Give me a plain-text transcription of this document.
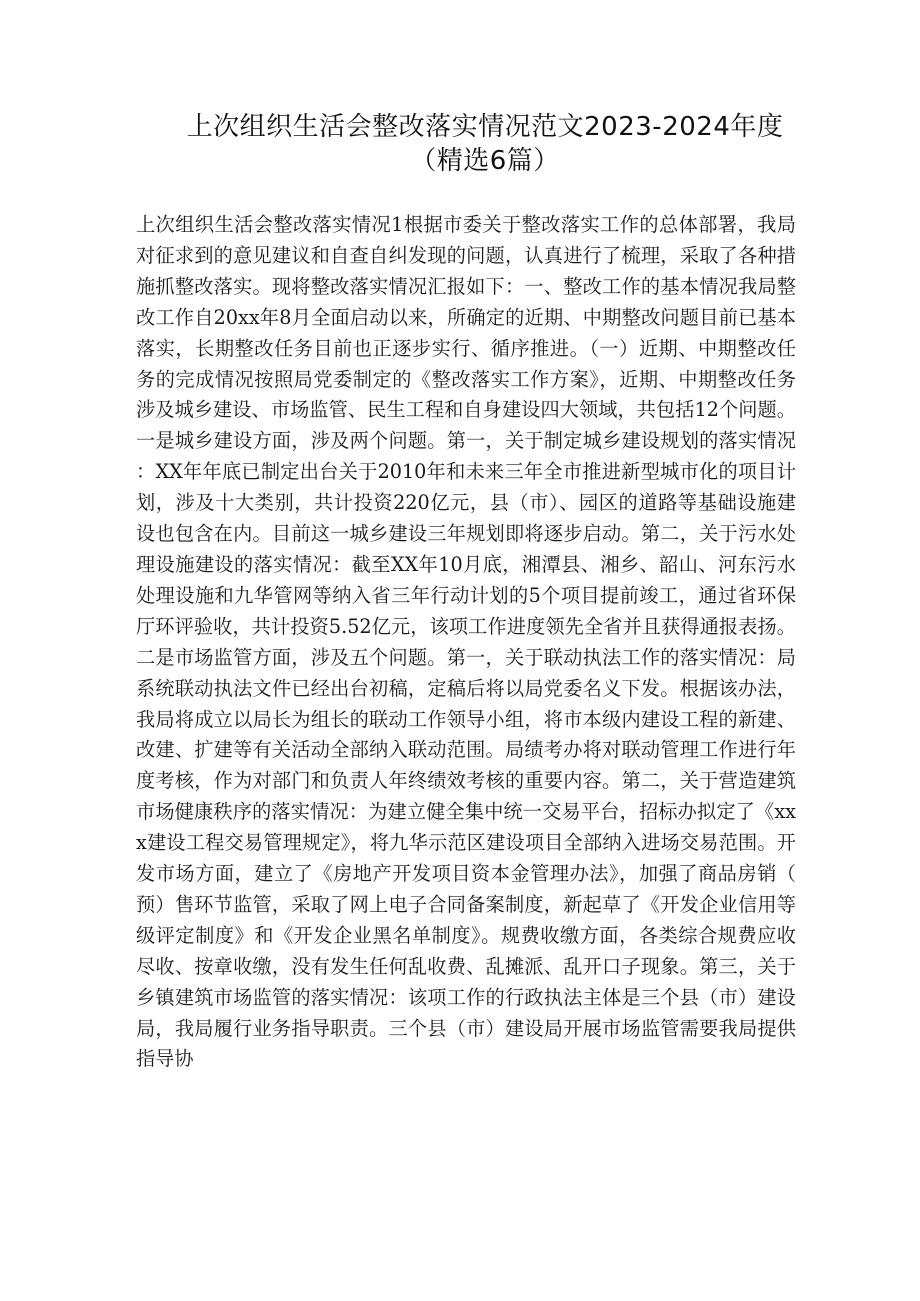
上次组织生活会整改落实情况范文2023-2024年度（精选6篇）

上次组织生活会整改落实情况1根据市委关于整改落实工作的总体部署，我局对征求到的意见建议和自查自纠发现的问题，认真进行了梳理，采取了各种措施抓整改落实。现将整改落实情况汇报如下：一、整改工作的基本情况我局整改工作自20xx年8月全面启动以来，所确定的近期、中期整改问题目前已基本落实，长期整改任务目前也正逐步实行、循序推进。（一）近期、中期整改任务的完成情况按照局党委制定的《整改落实工作方案》，近期、中期整改任务涉及城乡建设、市场监管、民生工程和自身建设四大领域，共包括12个问题。一是城乡建设方面，涉及两个问题。第一，关于制定城乡建设规划的落实情况：XX年年底已制定出台关于2010年和未来三年全市推进新型城市化的项目计划，涉及十大类别，共计投资220亿元，县（市）、园区的道路等基础设施建设也包含在内。目前这一城乡建设三年规划即将逐步启动。第二，关于污水处理设施建设的落实情况：截至XX年10月底，湘潭县、湘乡、韶山、河东污水处理设施和九华管网等纳入省三年行动计划的5个项目提前竣工，通过省环保厅环评验收，共计投资5.52亿元，该项工作进度领先全省并且获得通报表扬。二是市场监管方面，涉及五个问题。第一，关于联动执法工作的落实情况：局系统联动执法文件已经出台初稿，定稿后将以局党委名义下发。根据该办法，我局将成立以局长为组长的联动工作领导小组，将市本级内建设工程的新建、改建、扩建等有关活动全部纳入联动范围。局绩考办将对联动管理工作进行年度考核，作为对部门和负责人年终绩效考核的重要内容。第二，关于营造建筑市场健康秩序的落实情况：为建立健全集中统一交易平台，招标办拟定了《xxx建设工程交易管理规定》，将九华示范区建设项目全部纳入进场交易范围。开发市场方面，建立了《房地产开发项目资本金管理办法》，加强了商品房销（预）售环节监管，采取了网上电子合同备案制度，新起草了《开发企业信用等级评定制度》和《开发企业黑名单制度》。规费收缴方面，各类综合规费应收尽收、按章收缴，没有发生任何乱收费、乱摊派、乱开口子现象。第三，关于乡镇建筑市场监管的落实情况：该项工作的行政执法主体是三个县（市）建设局，我局履行业务指导职责。三个县（市）建设局开展市场监管需要我局提供指导协
